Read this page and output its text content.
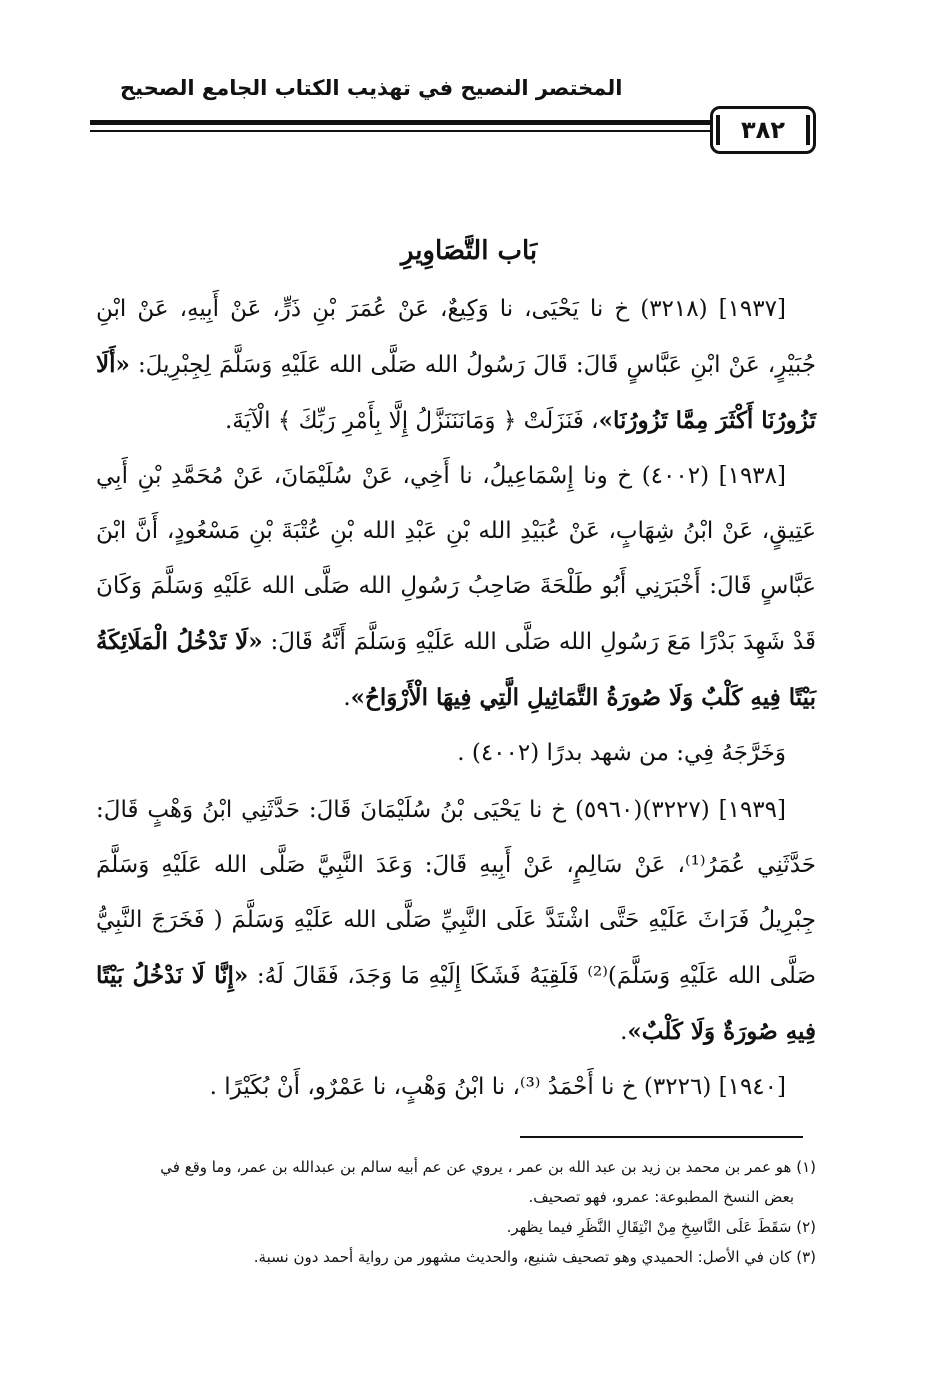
المختصر النصيح في تهذيب الكتاب الجامع الصحيح
٣٨٢
بَاب التَّصَاوِيرِ

[١٩٣٧] (٣٢١٨) خ نا يَحْيَى، نا وَكِيعٌ، عَنْ عُمَرَ بْنِ ذَرٍّ، عَنْ أَبِيهِ، عَنْ ابْنِ جُبَيْرٍ، عَنْ ابْنِ عَبَّاسٍ قَالَ: قَالَ رَسُولُ الله صَلَّى الله عَلَيْهِ وَسَلَّمَ لِجِبْرِيلَ: «أَلَا تَزُورُنَا أَكْثَرَ مِمَّا تَزُورُنَا»، فَنَزَلَتْ ﴿ وَمَانَنَنَزَّلُ إِلَّا بِأَمْرِ رَبِّكَ ﴾ الْآيَةَ.

[١٩٣٨] (٤٠٠٢) خ ونا إِسْمَاعِيلُ، نا أَخِي، عَنْ سُلَيْمَانَ، عَنْ مُحَمَّدِ بْنِ أَبِي عَتِيقٍ، عَنْ ابْنُ شِهَابٍ، عَنْ عُبَيْدِ الله بْنِ عَبْدِ الله بْنِ عُتْبَةَ بْنِ مَسْعُودٍ، أَنَّ ابْنَ عَبَّاسٍ قَالَ: أَخْبَرَنِي أَبُو طَلْحَةَ صَاحِبُ رَسُولِ الله صَلَّى الله عَلَيْهِ وَسَلَّمَ وَكَانَ قَدْ شَهِدَ بَدْرًا مَعَ رَسُولِ الله صَلَّى الله عَلَيْهِ وَسَلَّمَ أَنَّهُ قَالَ: «لَا تَدْخُلُ الْمَلَائِكَةُ بَيْتًا فِيهِ كَلْبٌ وَلَا صُورَةُ التَّمَاثِيلِ الَّتِي فِيهَا الْأَرْوَاحُ».

وَخَرَّجَهُ فِي: من شهد بدرًا (٤٠٠٢) .

[١٩٣٩] (٣٢٢٧)(٥٩٦٠) خ نا يَحْيَى بْنُ سُلَيْمَانَ قَالَ: حَدَّثَنِي ابْنُ وَهْبٍ قَالَ: حَدَّثَنِي عُمَرُ⁽¹⁾، عَنْ سَالِمٍ، عَنْ أَبِيهِ قَالَ: وَعَدَ النَّبِيَّ صَلَّى الله عَلَيْهِ وَسَلَّمَ جِبْرِيلُ فَرَاثَ عَلَيْهِ حَتَّى اشْتَدَّ عَلَى النَّبِيِّ صَلَّى الله عَلَيْهِ وَسَلَّمَ ( فَخَرَجَ النَّبِيُّ صَلَّى الله عَلَيْهِ وَسَلَّمَ)⁽²⁾ فَلَقِيَهُ فَشَكَا إِلَيْهِ مَا وَجَدَ، فَقَالَ لَهُ: «إِنَّا لَا نَدْخُلُ بَيْتًا فِيهِ صُورَةٌ وَلَا كَلْبٌ».

[١٩٤٠] (٣٢٢٦) خ نا أَحْمَدُ ⁽³⁾، نا ابْنُ وَهْبٍ، نا عَمْرٌو، أَنْ بُكَيْرًا .

(١) هو عمر بن محمد بن زيد بن عبد الله بن عمر ، يروي عن عم أبيه سالم بن عبدالله بن عمر، وما وقع في

بعض النسخ المطبوعة: عمرو، فهو تصحيف.

(٢) سَقَطَ عَلَى النَّاسِخِ مِنْ انْتِقَالِ النَّظَرِ فيما يظهر.

(٣) كان في الأصل: الحميدي وهو تصحيف شنيع، والحديث مشهور من رواية أحمد دون نسبة.
